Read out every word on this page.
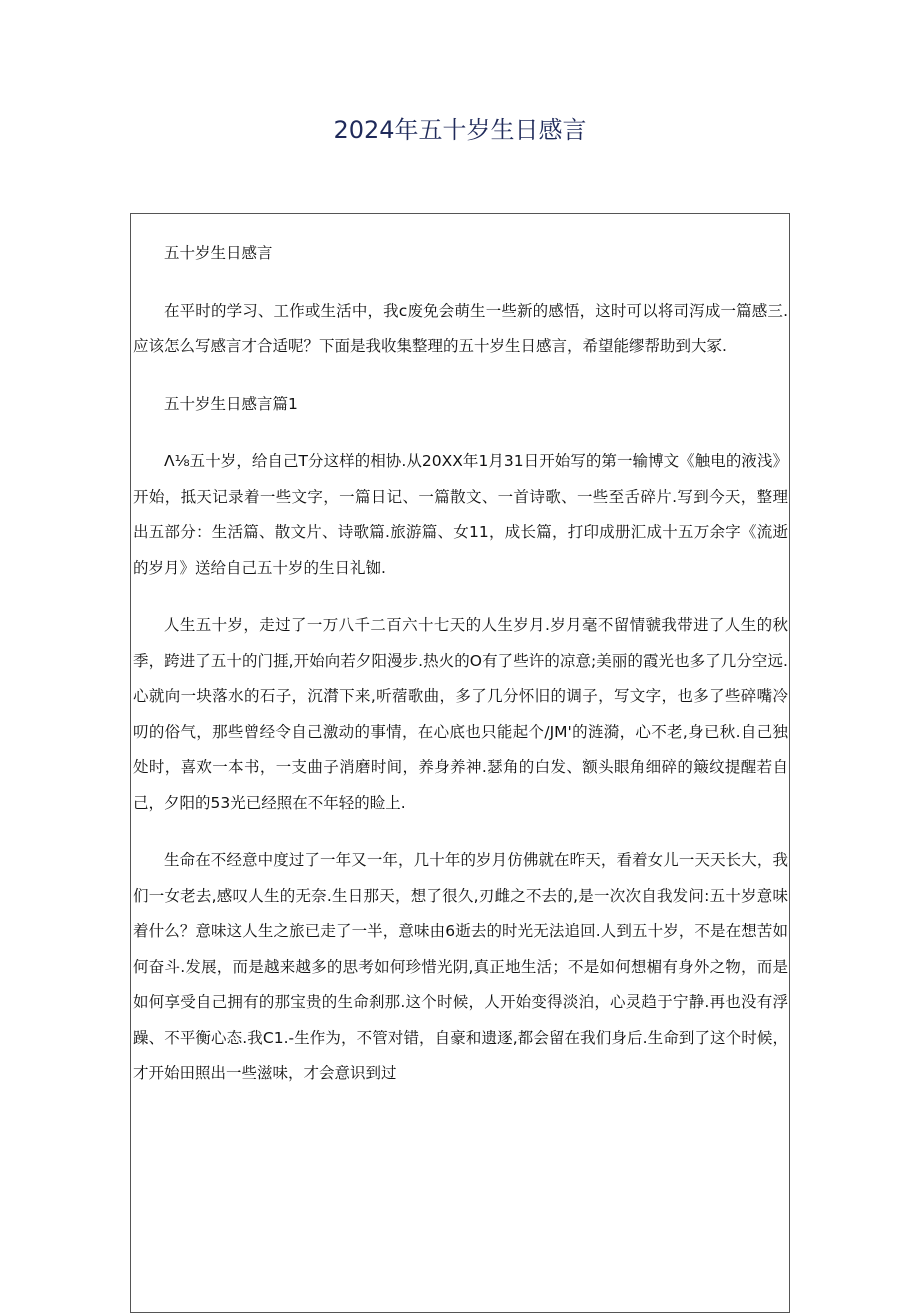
2024年五十岁生日感言

五十岁生日感言

在平时的学习、工作或生活中，我c废免会萌生一些新的感悟，这时可以将司泻成一篇感三.应该怎么写感言才合适呢？下面是我收集整理的五十岁生日感言，希望能缪帮助到大冢.

五十岁生日感言篇1

Λ⅛五十岁，给自己T分这样的相协.从20XX年1月31日开始写的第一输博文《触电的液浅》开始，抵天记录着一些文字，一篇日记、一篇散文、一首诗歌、一些至舌碎片.写到今天，整理出五部分：生活篇、散文片、诗歌篇.旅游篇、女11，成长篇，打印成册汇成十五万余字《流逝的岁月》送给自己五十岁的生日礼铷.

人生五十岁，走过了一万八千二百六十七天的人生岁月.岁月毫不留情虢我带进了人生的秋季，跨进了五十的门捱,开始向若夕阳漫步.热火的O有了些许的凉意;美丽的霞光也多了几分空远.心就向一块落水的石子，沉潸下来,听蓿歌曲，多了几分怀旧的调子，写文字，也多了些碎嘴冷叨的俗气，那些曾经令自己激动的事情，在心底也只能起个/JM'的涟漪，心不老,身已秋.自己独处时，喜欢一本书，一支曲子消磨时间，养身养神.瑟角的白发、额头眼角细碎的簸纹提醒若自己，夕阳的53光已经照在不年轻的睑上.

生命在不经意中度过了一年又一年，几十年的岁月仿佛就在昨天，看着女儿一天天长大，我们一女老去,感叹人生的无奈.生日那天，想了很久,刃雌之不去的,是一次次自我发问:五十岁意味着什么？意味这人生之旅已走了一半，意味由6逝去的时光无法追回.人到五十岁，不是在想苦如何奋斗.发展，而是越来越多的思考如何珍惜光阴,真正地生活；不是如何想楣有身外之物，而是如何享受自己拥有的那宝贵的生命刹那.这个时候，人开始变得淡泊，心灵趋于宁静.再也没有浮躁、不平衡心态.我C1.-生作为，不管对错，自豪和遗逐,都会留在我们身后.生命到了这个时候，才开始田照出一些滋味，才会意识到过
